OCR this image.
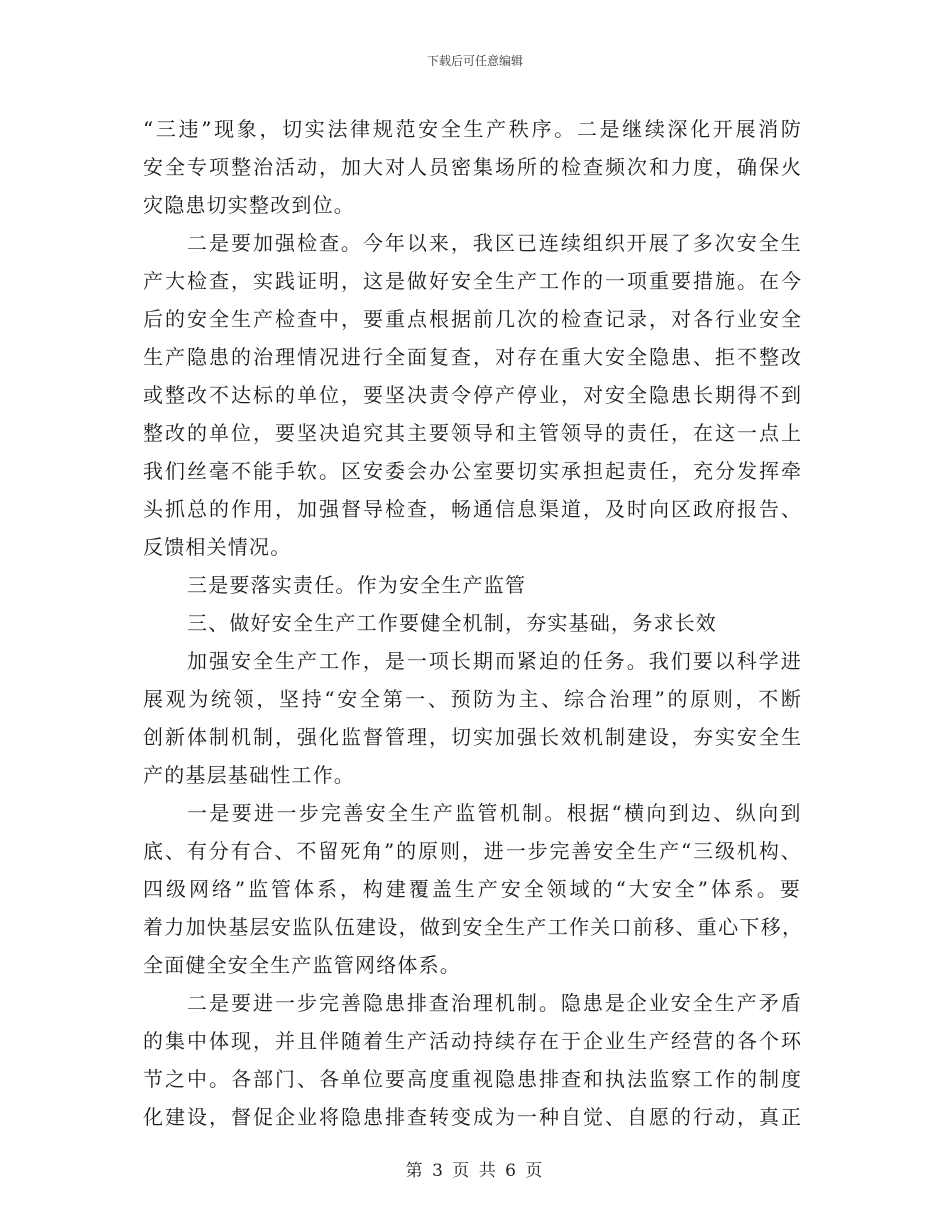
下载后可任意编辑
“三违”现象，切实法律规范安全生产秩序。二是继续深化开展消防
安全专项整治活动，加大对人员密集场所的检查频次和力度，确保火
灾隐患切实整改到位。
二是要加强检查。今年以来，我区已连续组织开展了多次安全生
产大检查，实践证明，这是做好安全生产工作的一项重要措施。在今
后的安全生产检查中，要重点根据前几次的检查记录，对各行业安全
生产隐患的治理情况进行全面复查，对存在重大安全隐患、拒不整改
或整改不达标的单位，要坚决责令停产停业，对安全隐患长期得不到
整改的单位，要坚决追究其主要领导和主管领导的责任，在这一点上
我们丝毫不能手软。区安委会办公室要切实承担起责任，充分发挥牵
头抓总的作用，加强督导检查，畅通信息渠道，及时向区政府报告、
反馈相关情况。
三是要落实责任。作为安全生产监管
三、做好安全生产工作要健全机制，夯实基础，务求长效
加强安全生产工作，是一项长期而紧迫的任务。我们要以科学进
展观为统领，坚持“安全第一、预防为主、综合治理”的原则，不断
创新体制机制，强化监督管理，切实加强长效机制建设，夯实安全生
产的基层基础性工作。
一是要进一步完善安全生产监管机制。根据“横向到边、纵向到
底、有分有合、不留死角”的原则，进一步完善安全生产“三级机构、
四级网络”监管体系，构建覆盖生产安全领域的“大安全”体系。要
着力加快基层安监队伍建设，做到安全生产工作关口前移、重心下移，
全面健全安全生产监管网络体系。
二是要进一步完善隐患排查治理机制。隐患是企业安全生产矛盾
的集中体现，并且伴随着生产活动持续存在于企业生产经营的各个环
节之中。各部门、各单位要高度重视隐患排查和执法监察工作的制度
化建设，督促企业将隐患排查转变成为一种自觉、自愿的行动，真正
第 3 页 共 6 页
